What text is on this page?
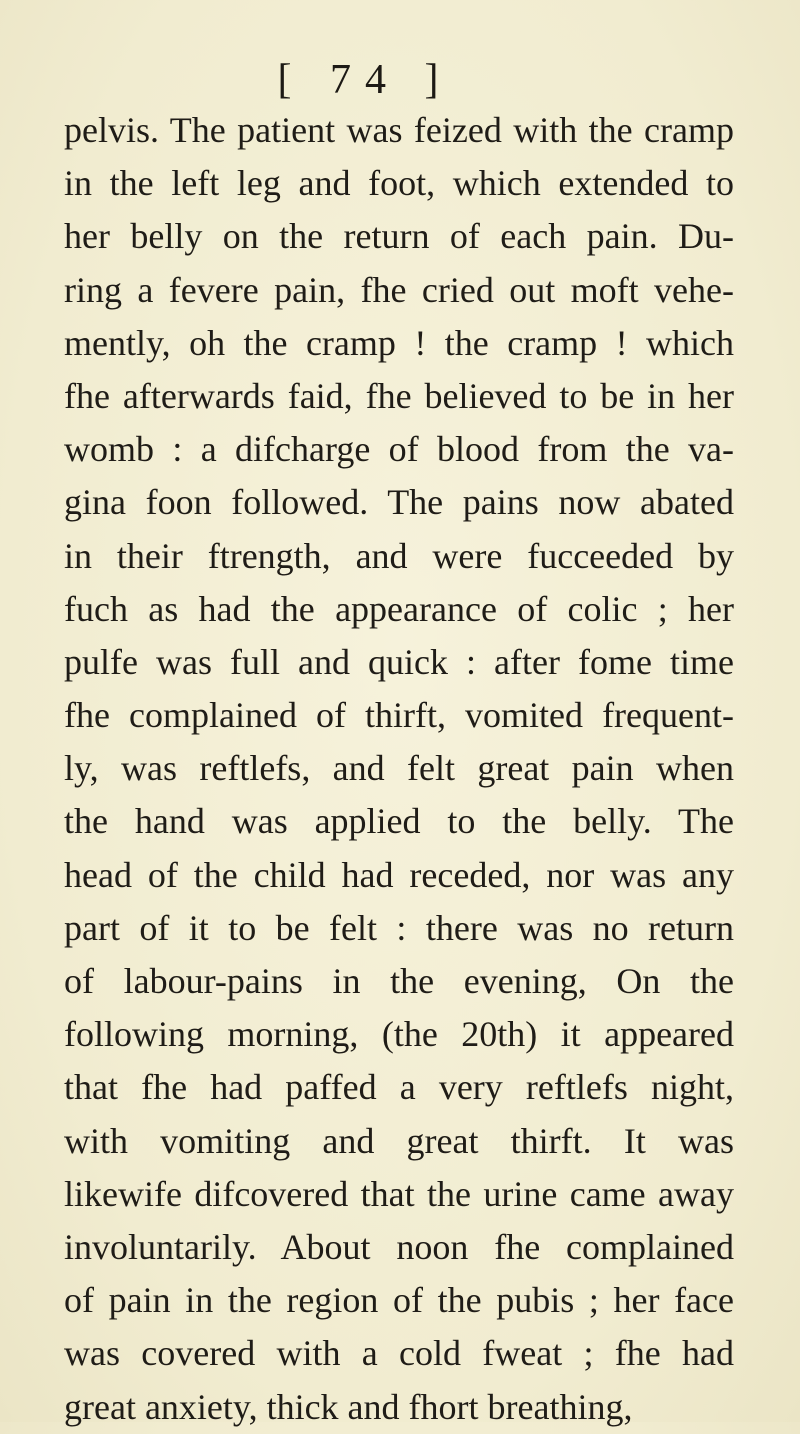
[ 74 ]
pelvis. The patient was feized with the cramp
in the left leg and foot, which extended to
her belly on the return of each pain. Du-
ring a fevere pain, fhe cried out moft vehe-
mently, oh the cramp ! the cramp ! which
fhe afterwards faid, fhe believed to be in her
womb : a difcharge of blood from the va-
gina foon followed. The pains now abated
in their ftrength, and were fucceeded by
fuch as had the appearance of colic ; her
pulfe was full and quick : after fome time
fhe complained of thirft, vomited frequent-
ly, was reftlefs, and felt great pain when
the hand was applied to the belly. The
head of the child had receded, nor was any
part of it to be felt : there was no return
of labour-pains in the evening, On the
following morning, (the 20th) it appeared
that fhe had paffed a very reftlefs night,
with vomiting and great thirft. It was
likewife difcovered that the urine came away
involuntarily. About noon fhe complained
of pain in the region of the pubis ; her face
was covered with a cold fweat ; fhe had
great anxiety, thick and fhort breathing,
